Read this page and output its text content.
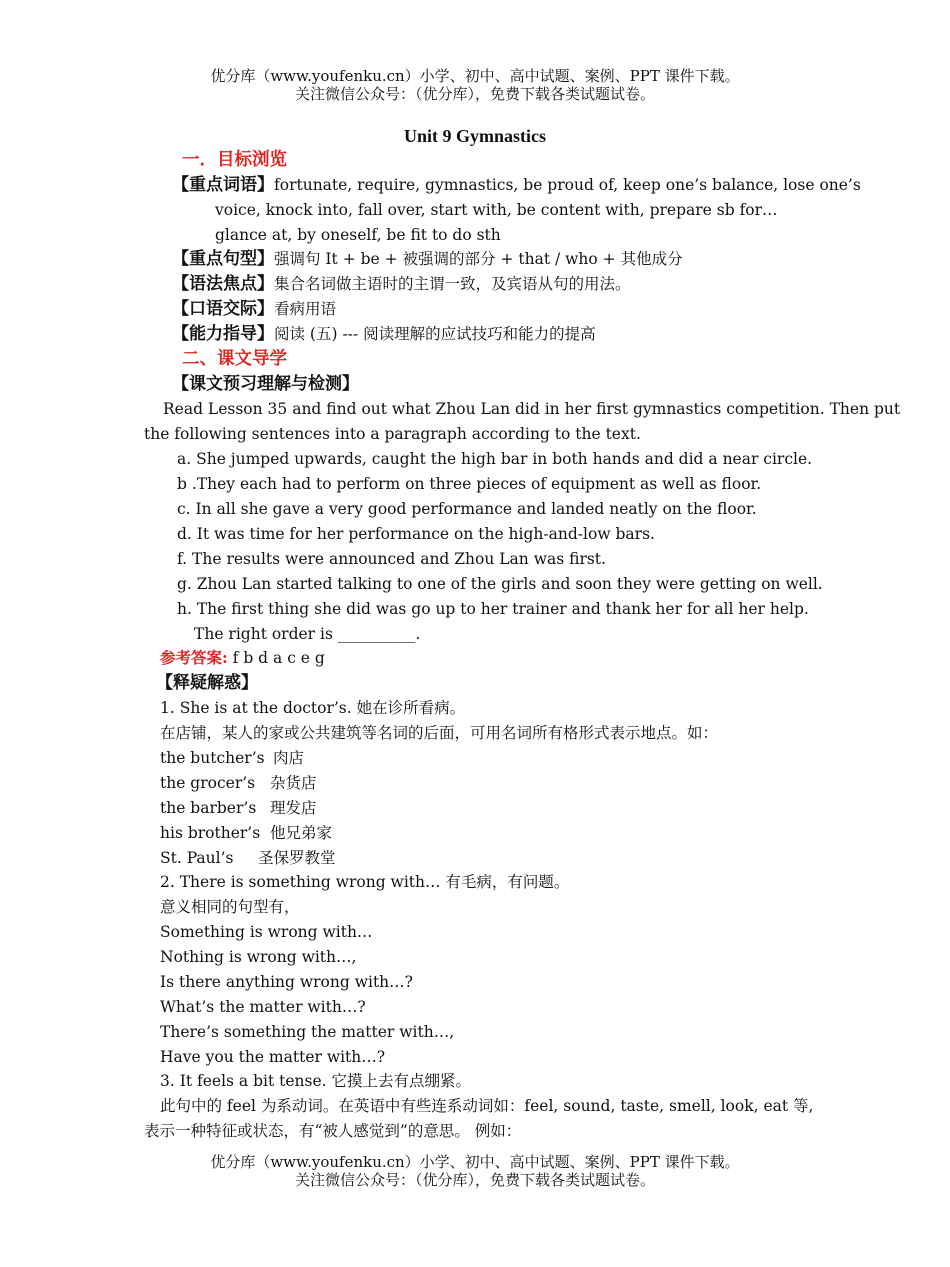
优分库（www.youfenku.cn）小学、初中、高中试题、案例、PPT 课件下载。
关注微信公众号：（优分库），免费下载各类试题试卷。
Unit 9 Gymnastics
一．目标浏览
【重点词语】fortunate, require, gymnastics, be proud of, keep one’s balance, lose one’s
voice, knock into, fall over, start with, be content with, prepare sb for…
glance at, by oneself, be fit to do sth
【重点句型】强调句 It + be + 被强调的部分 + that / who + 其他成分
【语法焦点】集合名词做主语时的主谓一致，及宾语从句的用法。
【口语交际】看病用语
【能力指导】阅读 (五) --- 阅读理解的应试技巧和能力的提高
二、课文导学
【课文预习理解与检测】
Read Lesson 35 and find out what Zhou Lan did in her first gymnastics competition. Then put
the following sentences into a paragraph according to the text.
a. She jumped upwards, caught the high bar in both hands and did a near circle.
b .They each had to perform on three pieces of equipment as well as floor.
c. In all she gave a very good performance and landed neatly on the floor.
d. It was time for her performance on the high-and-low bars.
f. The results were announced and Zhou Lan was first.
g. Zhou Lan started talking to one of the girls and soon they were getting on well.
h. The first thing she did was go up to her trainer and thank her for all her help.
The right order is __________.
参考答案: f b d a c e g
【释疑解惑】
1. She is at the doctor’s. 她在诊所看病。
在店铺，某人的家或公共建筑等名词的后面，可用名词所有格形式表示地点。如：
the butcher’s 肉店
the grocer’s 杂货店
the barber’s 理发店
his brother’s 他兄弟家
St. Paul’s 圣保罗教堂
2. There is something wrong with… 有毛病，有问题。
意义相同的句型有，
Something is wrong with…
Nothing is wrong with…,
Is there anything wrong with…?
What’s the matter with…?
There’s something the matter with…,
Have you the matter with…?
3. It feels a bit tense. 它摸上去有点绷紧。
此句中的 feel 为系动词。在英语中有些连系动词如：feel, sound, taste, smell, look, eat 等,
表示一种特征或状态，有“被人感觉到”的意思。 例如：
优分库（www.youfenku.cn）小学、初中、高中试题、案例、PPT 课件下载。
关注微信公众号：（优分库），免费下载各类试题试卷。
